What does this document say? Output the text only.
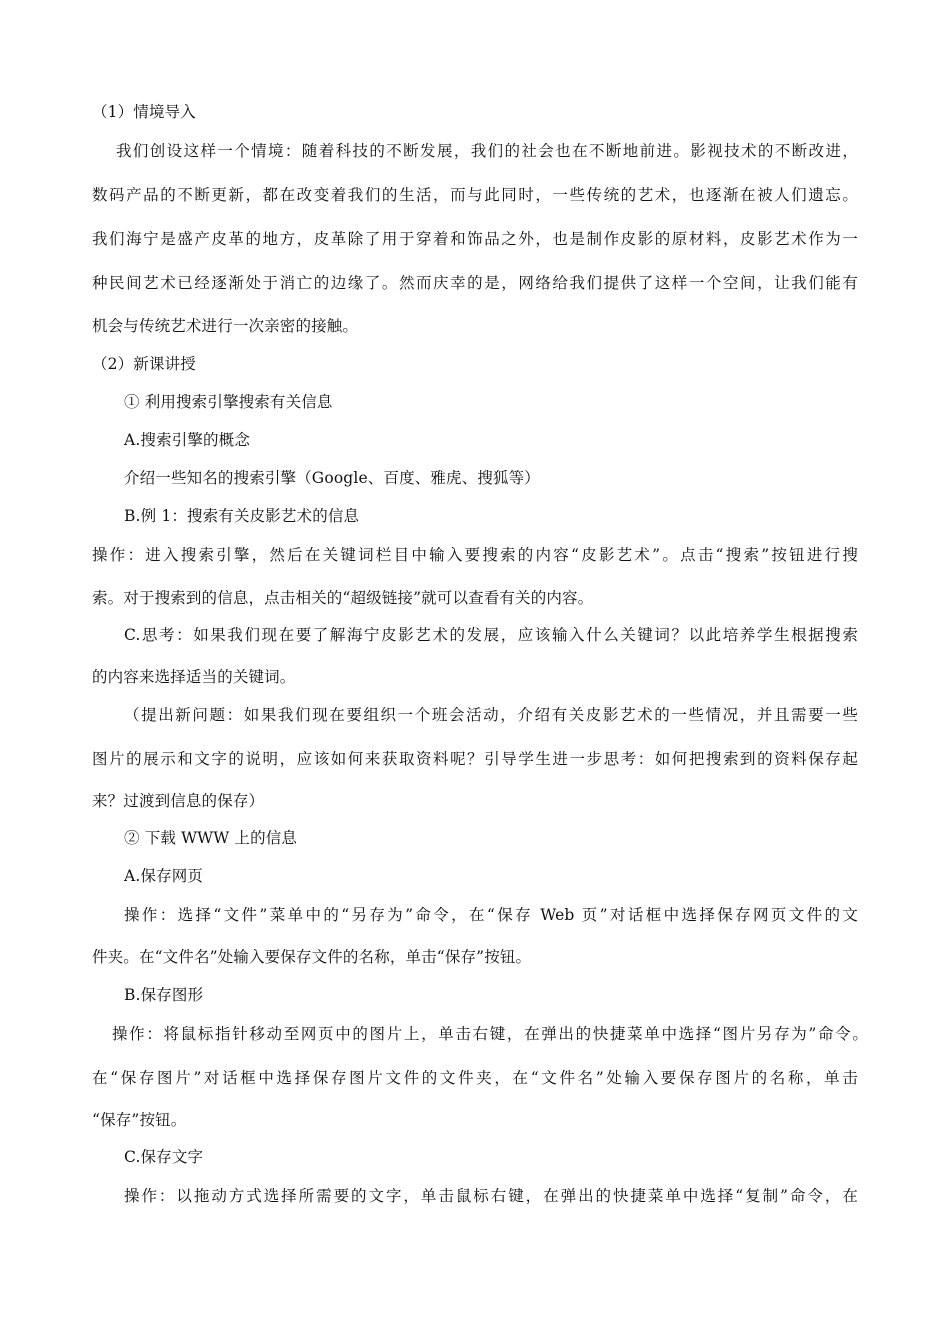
（1）情境导入
我们创设这样一个情境：随着科技的不断发展，我们的社会也在不断地前进。影视技术的不断改进，
数码产品的不断更新，都在改变着我们的生活，而与此同时，一些传统的艺术，也逐渐在被人们遗忘。
我们海宁是盛产皮革的地方，皮革除了用于穿着和饰品之外，也是制作皮影的原材料，皮影艺术作为一
种民间艺术已经逐渐处于消亡的边缘了。然而庆幸的是，网络给我们提供了这样一个空间，让我们能有
机会与传统艺术进行一次亲密的接触。
（2）新课讲授
① 利用搜索引擎搜索有关信息
A.搜索引擎的概念
介绍一些知名的搜索引擎（Google、百度、雅虎、搜狐等）
B.例 1：搜索有关皮影艺术的信息
操作：进入搜索引擎，然后在关键词栏目中输入要搜索的内容“皮影艺术”。点击“搜索”按钮进行搜
索。对于搜索到的信息，点击相关的“超级链接”就可以查看有关的内容。
C.思考：如果我们现在要了解海宁皮影艺术的发展，应该输入什么关键词？以此培养学生根据搜索
的内容来选择适当的关键词。
（提出新问题：如果我们现在要组织一个班会活动，介绍有关皮影艺术的一些情况，并且需要一些
图片的展示和文字的说明，应该如何来获取资料呢？引导学生进一步思考：如何把搜索到的资料保存起
来？过渡到信息的保存）
② 下载 WWW 上的信息
A.保存网页
操作：选择“文件”菜单中的“另存为”命令，在“保存 Web 页”对话框中选择保存网页文件的文
件夹。在“文件名”处输入要保存文件的名称，单击“保存”按钮。
B.保存图形
操作：将鼠标指针移动至网页中的图片上，单击右键，在弹出的快捷菜单中选择“图片另存为”命令。
在“保存图片”对话框中选择保存图片文件的文件夹，在“文件名”处输入要保存图片的名称，单击
“保存”按钮。
C.保存文字
操作：以拖动方式选择所需要的文字，单击鼠标右键，在弹出的快捷菜单中选择“复制”命令，在
